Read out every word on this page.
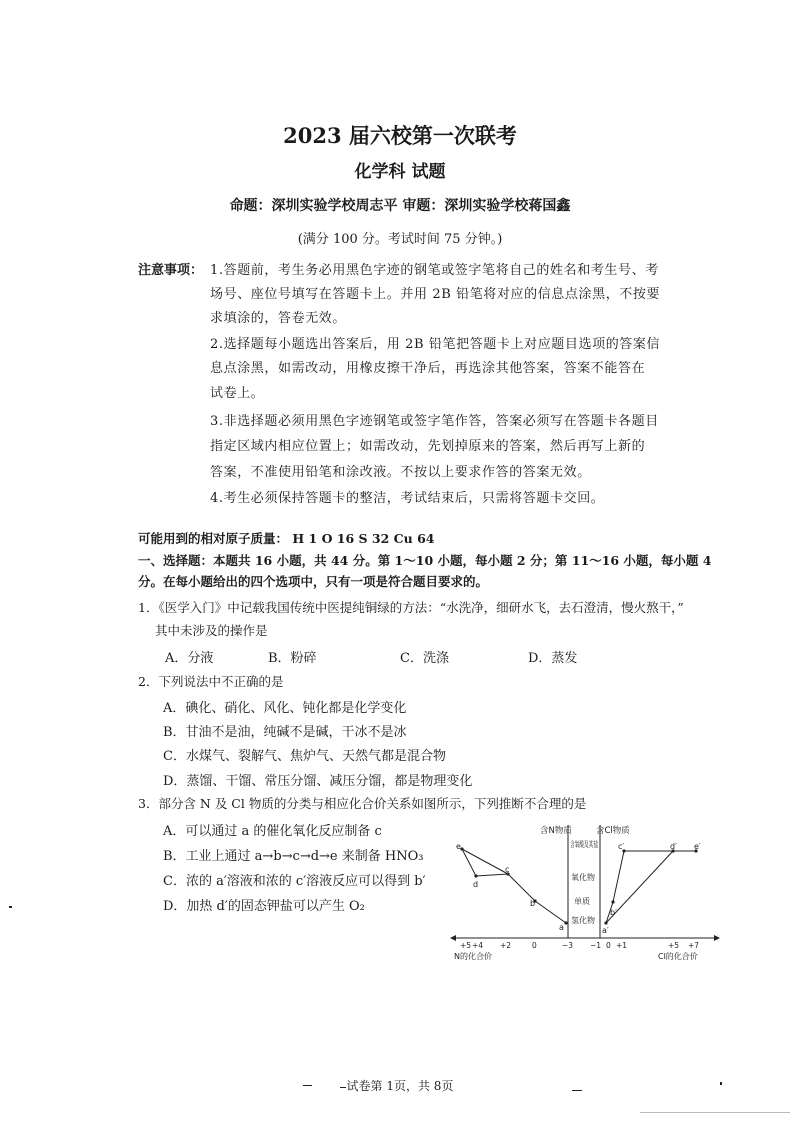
2023 届六校第一次联考
化学科 试题
命题：深圳实验学校周志平 审题：深圳实验学校蒋国鑫
(满分 100 分。考试时间 75 分钟。)
注意事项： 1.答题前，考生务必用黑色字迹的钢笔或签字笔将自己的姓名和考生号、考
场号、座位号填写在答题卡上。并用 2B 铅笔将对应的信息点涂黑，不按要
求填涂的，答卷无效。
2.选择题每小题选出答案后，用 2B 铅笔把答题卡上对应题目选项的答案信
息点涂黑，如需改动，用橡皮擦干净后，再选涂其他答案，答案不能答在
试卷上。
3.非选择题必须用黑色字迹钢笔或签字笔作答，答案必须写在答题卡各题目
指定区域内相应位置上；如需改动，先划掉原来的答案，然后再写上新的
答案，不准使用铅笔和涂改液。不按以上要求作答的答案无效。
4.考生必须保持答题卡的整洁，考试结束后，只需将答题卡交回。
可能用到的相对原子质量： H 1 O 16 S 32 Cu 64
一、选择题：本题共 16 小题，共 44 分。第 1～10 小题，每小题 2 分；第 11～16 小题，每小题 4
分。在每小题给出的四个选项中，只有一项是符合题目要求的。
1．《医学入门》中记载我国传统中医提纯铜绿的方法：“水洗净，细研水飞，去石澄清，慢火熬干，”
其中未涉及的操作是
A．分液	B．粉碎	C．洗涤	D．蒸发
2．下列说法中不正确的是
A．碘化、硝化、风化、钝化都是化学变化
B．甘油不是油，纯碱不是碱，干冰不是冰
C．水煤气、裂解气、焦炉气、天然气都是混合物
D．蒸馏、干馏、常压分馏、减压分馏，都是物理变化
3．部分含 N 及 Cl 物质的分类与相应化合价关系如图所示，下列推断不合理的是
A．可以通过 a 的催化氧化反应制备 c
B．工业上通过 a→b→c→d→e 来制备 HNO₃
C．浓的 a′溶液和浓的 c′溶液反应可以得到 b′
D．加热 d′的固态钾盐可以产生 O₂
含N物质	含Cl物质
含氧酸及其盐
氧化物
单质
氢化物
+5 +4 +2	0	−3 −1 0 +1	+5 +7
N的化合价	Cl的化合价
e
d
c
b
a
c′	d′ e′
b′
a′
试卷第 1页，共 8页
